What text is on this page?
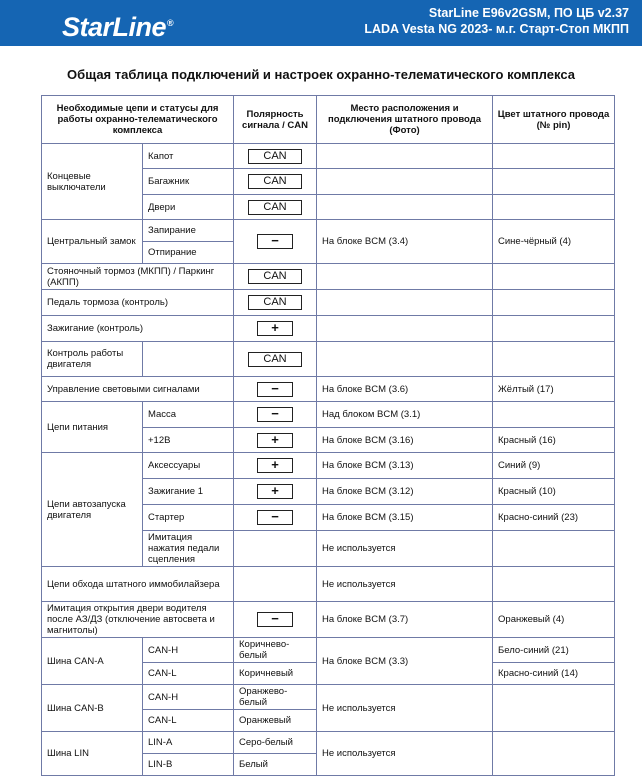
StarLine®
StarLine E96v2GSM, ПО ЦБ v2.37
LADA Vesta NG 2023- м.г. Старт-Стоп МКПП
Общая таблица подключений и настроек охранно-телематического комплекса
Необходимые цепи и статусы для работы охранно-телематического комплекса		Полярность сигнала / CAN	Место расположения и подключения штатного провода (Фото)	Цвет штатного провода (№ pin)
Концевые выключатели	Капот	CAN		
	Багажник	CAN		
	Двери	CAN		
Центральный замок	Запирание	−	На блоке BCM (3.4)	Сине-чёрный (4)
	Отпирание			
Стояночный тормоз (МКПП) / Паркинг (АКПП)		CAN		
Педаль тормоза (контроль)		CAN		
Зажигание (контроль)		+		
Контроль работы двигателя		CAN		
Управление световыми сигналами		−	На блоке BCM (3.6)	Жёлтый (17)
Цепи питания	Масса	−	Над блоком BCM (3.1)	
	+12В	+	На блоке BCM (3.16)	Красный (16)
Цепи автозапуска двигателя	Аксессуары	+	На блоке BCM (3.13)	Синий (9)
	Зажигание 1	+	На блоке BCM (3.12)	Красный (10)
	Стартер	−	На блоке BCM (3.15)	Красно-синий (23)
	Имитация нажатия педали сцепления		Не используется	
Цепи обхода штатного иммобилайзера			Не используется	
Имитация открытия двери водителя после АЗ/ДЗ (отключение автосвета и магнитолы)		−	На блоке BCM (3.7)	Оранжевый (4)
Шина CAN-A	CAN-H	Коричнево-белый	На блоке BCM (3.3)	Бело-синий (21)
	CAN-L	Коричневый		Красно-синий (14)
Шина CAN-B	CAN-H	Оранжево-белый	Не используется	
	CAN-L	Оранжевый		
Шина LIN	LIN-A	Серо-белый	Не используется	
	LIN-B	Белый		
